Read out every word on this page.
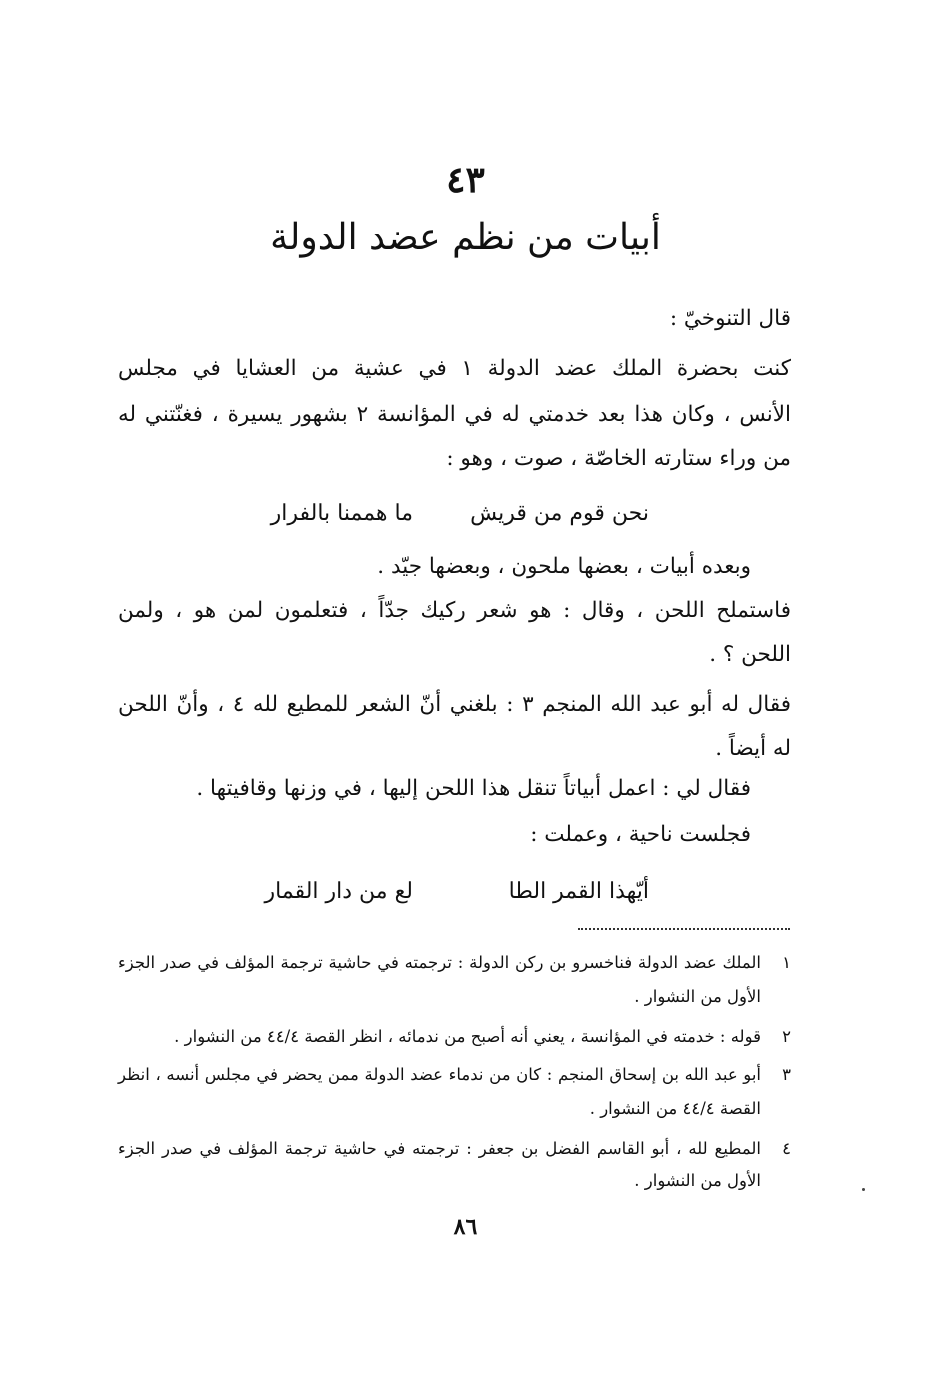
٤٣
أبيات من نظم عضد الدولة
قال التنوخيّ :
كنت بحضرة الملك عضد الدولة ١ في عشية من العشايا في مجلس
الأنس ، وكان هذا بعد خدمتي له في المؤانسة ٢ بشهور يسيرة ، فغنّتني له
من وراء ستارته الخاصّة ، صوت ، وهو :
نحن قوم من قريش
ما هممنا بالفرار
وبعده أبيات ، بعضها ملحون ، وبعضها جيّد .
فاستملح اللحن ، وقال : هو شعر ركيك جدّاً ، فتعلمون لمن هو ، ولمن
اللحن ؟ .
فقال له أبو عبد الله المنجم ٣ : بلغني أنّ الشعر للمطيع لله ٤ ، وأنّ اللحن
له أيضاً .
فقال لي : اعمل أبياتاً تنقل هذا اللحن إليها ، في وزنها وقافيتها .
فجلست ناحية ، وعملت :
أيّهذا القمر الطا
لع من دار القمار
١
الملك عضد الدولة فناخسرو بن ركن الدولة : ترجمته في حاشية ترجمة المؤلف في صدر الجزء
الأول من النشوار .
٢
قوله : خدمته في المؤانسة ، يعني أنه أصبح من ندمائه ، انظر القصة ٤٤/٤ من النشوار .
٣
أبو عبد الله بن إسحاق المنجم : كان من ندماء عضد الدولة ممن يحضر في مجلس أنسه ، انظر
القصة ٤٤/٤ من النشوار .
٤
المطيع لله ، أبو القاسم الفضل بن جعفر : ترجمته في حاشية ترجمة المؤلف في صدر الجزء
الأول من النشوار .
٨٦
